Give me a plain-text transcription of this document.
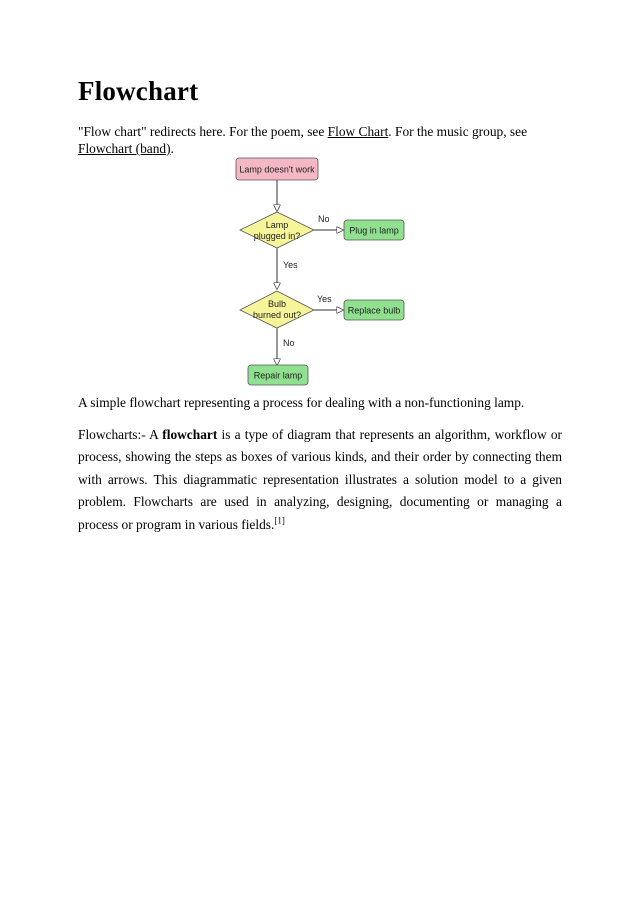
Flowchart

"Flow chart" redirects here. For the poem, see Flow Chart. For the music group, see Flowchart (band).

Lamp doesn't work
Lamp
plugged in?
No
Yes
Plug in lamp
Bulb
burned out?
Yes
No
Replace bulb
Repair lamp

A simple flowchart representing a process for dealing with a non-functioning lamp.

Flowcharts:- A flowchart is a type of diagram that represents an algorithm, workflow or process, showing the steps as boxes of various kinds, and their order by connecting them with arrows. This diagrammatic representation illustrates a solution model to a given problem. Flowcharts are used in analyzing, designing, documenting or managing a process or program in various fields.[1]
